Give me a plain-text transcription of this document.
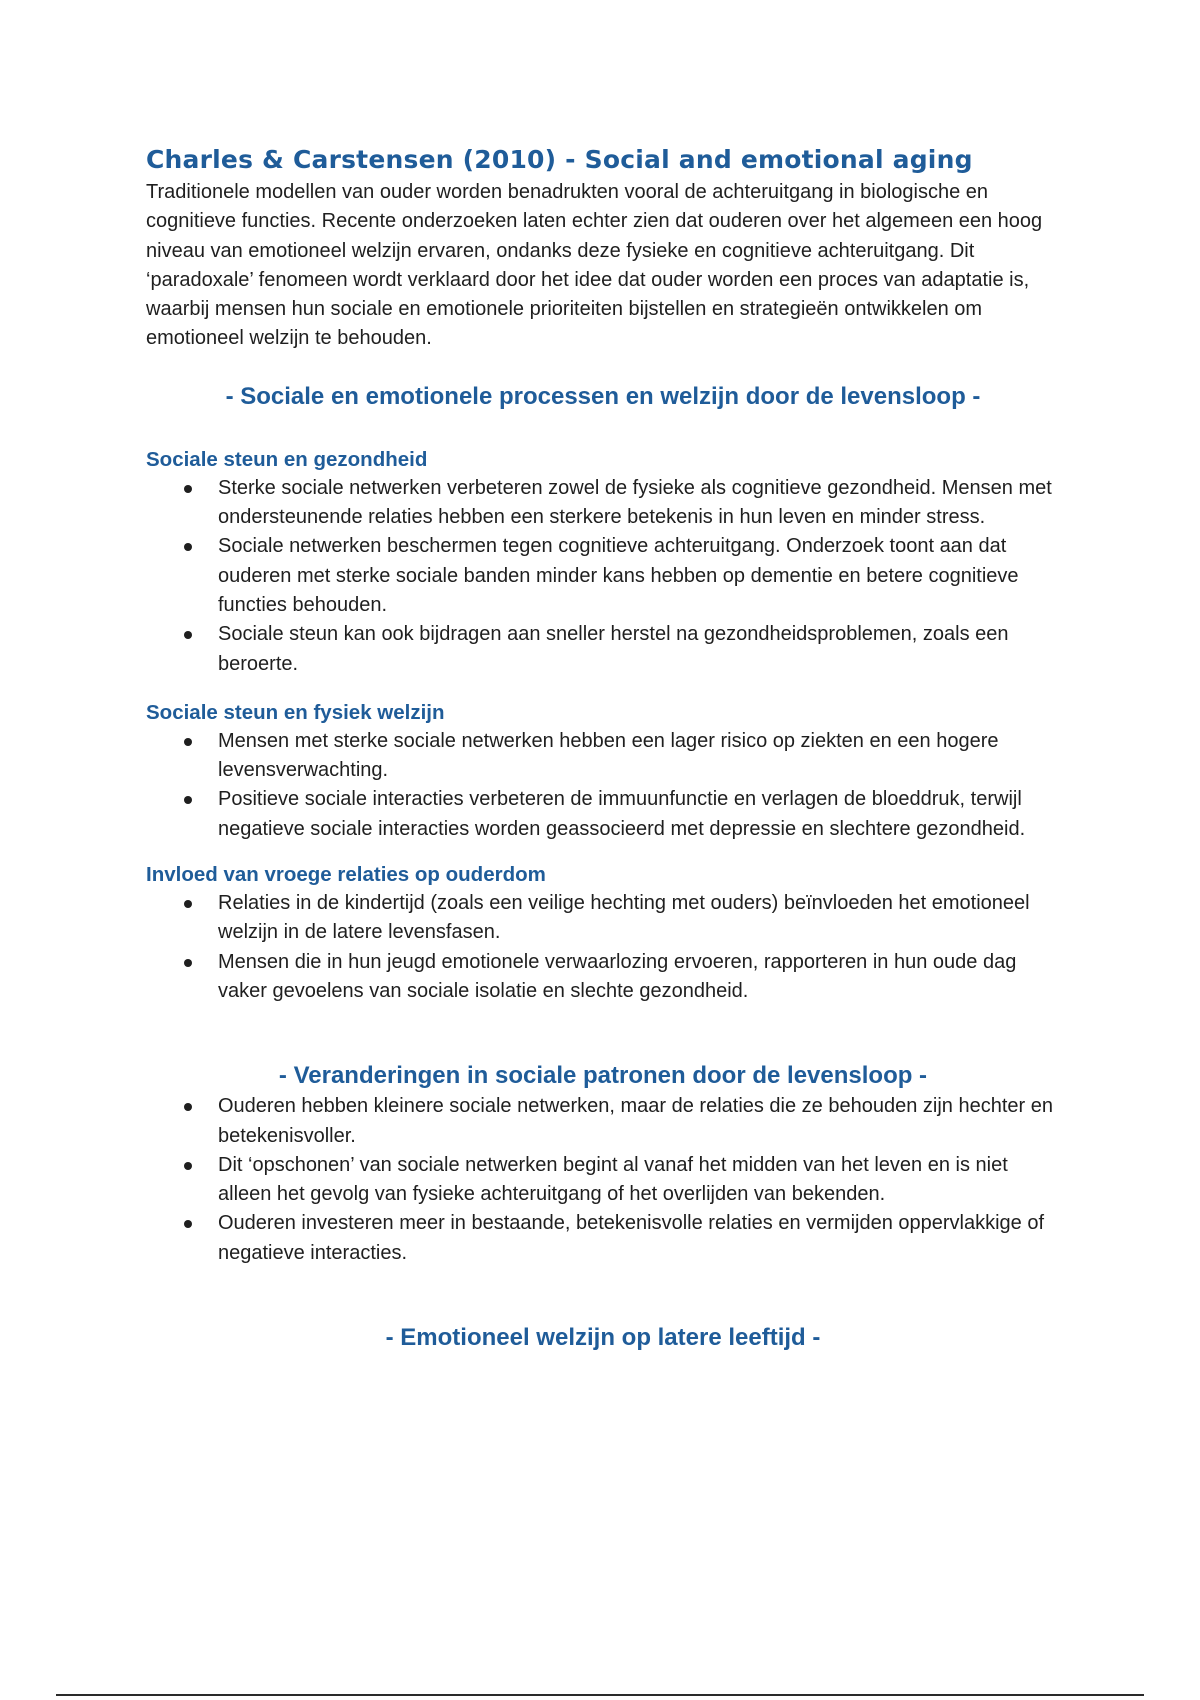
Charles & Carstensen (2010) - Social and emotional aging

Traditionele modellen van ouder worden benadrukten vooral de achteruitgang in biologische en cognitieve functies. Recente onderzoeken laten echter zien dat ouderen over het algemeen een hoog niveau van emotioneel welzijn ervaren, ondanks deze fysieke en cognitieve achteruitgang. Dit ‘paradoxale’ fenomeen wordt verklaard door het idee dat ouder worden een proces van adaptatie is, waarbij mensen hun sociale en emotionele prioriteiten bijstellen en strategieën ontwikkelen om emotioneel welzijn te behouden.

- Sociale en emotionele processen en welzijn door de levensloop -
Sociale steun en gezondheid
Sterke sociale netwerken verbeteren zowel de fysieke als cognitieve gezondheid. Mensen met ondersteunende relaties hebben een sterkere betekenis in hun leven en minder stress.
Sociale netwerken beschermen tegen cognitieve achteruitgang. Onderzoek toont aan dat ouderen met sterke sociale banden minder kans hebben op dementie en betere cognitieve functies behouden.
Sociale steun kan ook bijdragen aan sneller herstel na gezondheidsproblemen, zoals een beroerte.
Sociale steun en fysiek welzijn
Mensen met sterke sociale netwerken hebben een lager risico op ziekten en een hogere levensverwachting.
Positieve sociale interacties verbeteren de immuunfunctie en verlagen de bloeddruk, terwijl negatieve sociale interacties worden geassocieerd met depressie en slechtere gezondheid.
Invloed van vroege relaties op ouderdom
Relaties in de kindertijd (zoals een veilige hechting met ouders) beïnvloeden het emotioneel welzijn in de latere levensfasen.
Mensen die in hun jeugd emotionele verwaarlozing ervoeren, rapporteren in hun oude dag vaker gevoelens van sociale isolatie en slechte gezondheid.
- Veranderingen in sociale patronen door de levensloop -
Ouderen hebben kleinere sociale netwerken, maar de relaties die ze behouden zijn hechter en betekenisvoller.
Dit ‘opschonen’ van sociale netwerken begint al vanaf het midden van het leven en is niet alleen het gevolg van fysieke achteruitgang of het overlijden van bekenden.
Ouderen investeren meer in bestaande, betekenisvolle relaties en vermijden oppervlakkige of negatieve interacties.
- Emotioneel welzijn op latere leeftijd -
